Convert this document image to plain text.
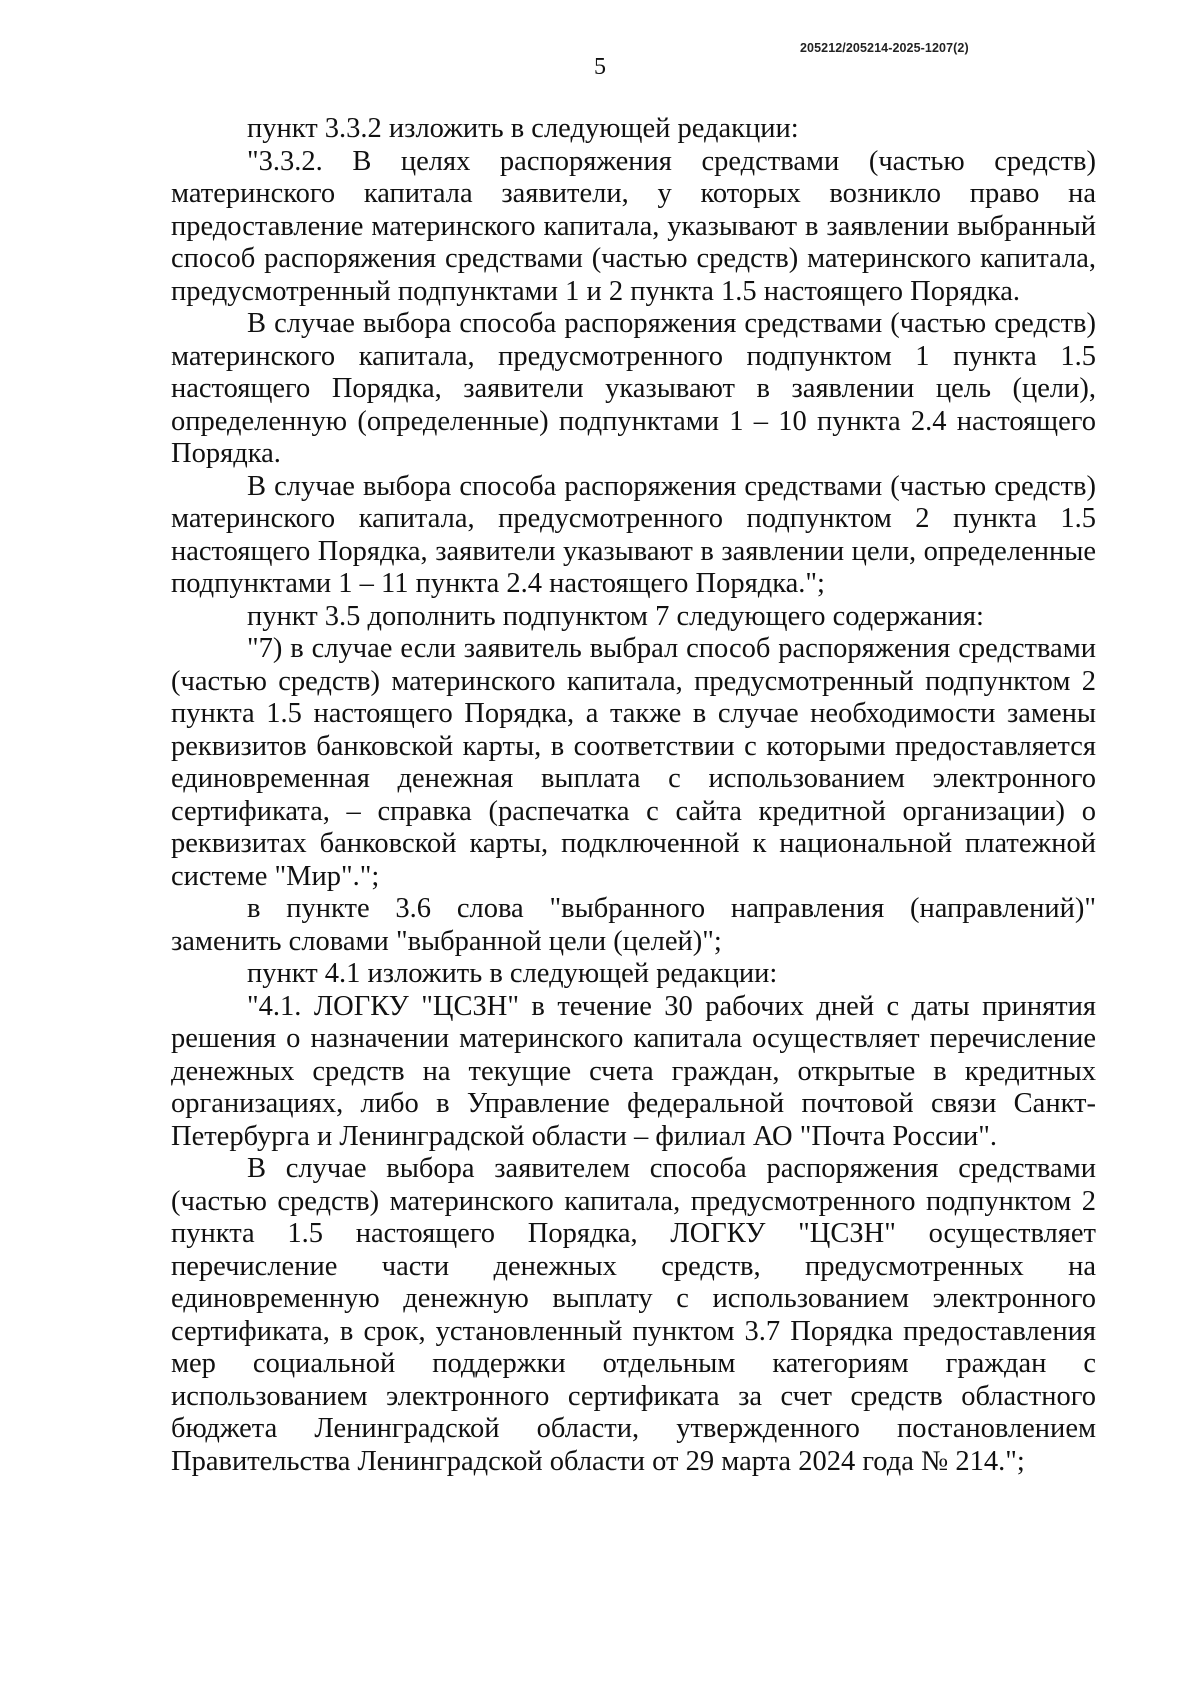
205212/205214-2025-1207(2)
5

пункт 3.3.2 изложить в следующей редакции:

"3.3.2. В целях распоряжения средствами (частью средств) материнского капитала заявители, у которых возникло право на предоставление материнского капитала, указывают в заявлении выбранный способ распоряжения средствами (частью средств) материнского капитала, предусмотренный подпунктами 1 и 2 пункта 1.5 настоящего Порядка.

В случае выбора способа распоряжения средствами (частью средств) материнского капитала, предусмотренного подпунктом 1 пункта 1.5 настоящего Порядка, заявители указывают в заявлении цель (цели), определенную (определенные) подпунктами 1 – 10 пункта 2.4 настоящего Порядка.

В случае выбора способа распоряжения средствами (частью средств) материнского капитала, предусмотренного подпунктом 2 пункта 1.5 настоящего Порядка, заявители указывают в заявлении цели, определенные подпунктами 1 – 11 пункта 2.4 настоящего Порядка.";

пункт 3.5 дополнить подпунктом 7 следующего содержания:

"7) в случае если заявитель выбрал способ распоряжения средствами (частью средств) материнского капитала, предусмотренный подпунктом 2 пункта 1.5 настоящего Порядка, а также в случае необходимости замены реквизитов банковской карты, в соответствии с которыми предоставляется единовременная денежная выплата с использованием электронного сертификата, – справка (распечатка с сайта кредитной организации) о реквизитах банковской карты, подключенной к национальной платежной системе "Мир".";

в пункте 3.6 слова "выбранного направления (направлений)" заменить словами "выбранной цели (целей)";

пункт 4.1 изложить в следующей редакции:

"4.1. ЛОГКУ "ЦСЗН" в течение 30 рабочих дней с даты принятия решения о назначении материнского капитала осуществляет перечисление денежных средств на текущие счета граждан, открытые в кредитных организациях, либо в Управление федеральной почтовой связи Санкт-Петербурга и Ленинградской области – филиал АО "Почта России".

В случае выбора заявителем способа распоряжения средствами (частью средств) материнского капитала, предусмотренного подпунктом 2 пункта 1.5 настоящего Порядка, ЛОГКУ "ЦСЗН" осуществляет перечисление части денежных средств, предусмотренных на единовременную денежную выплату с использованием электронного сертификата, в срок, установленный пунктом 3.7 Порядка предоставления мер социальной поддержки отдельным категориям граждан с использованием электронного сертификата за счет средств областного бюджета Ленинградской области, утвержденного постановлением Правительства Ленинградской области от 29 марта 2024 года № 214.";
